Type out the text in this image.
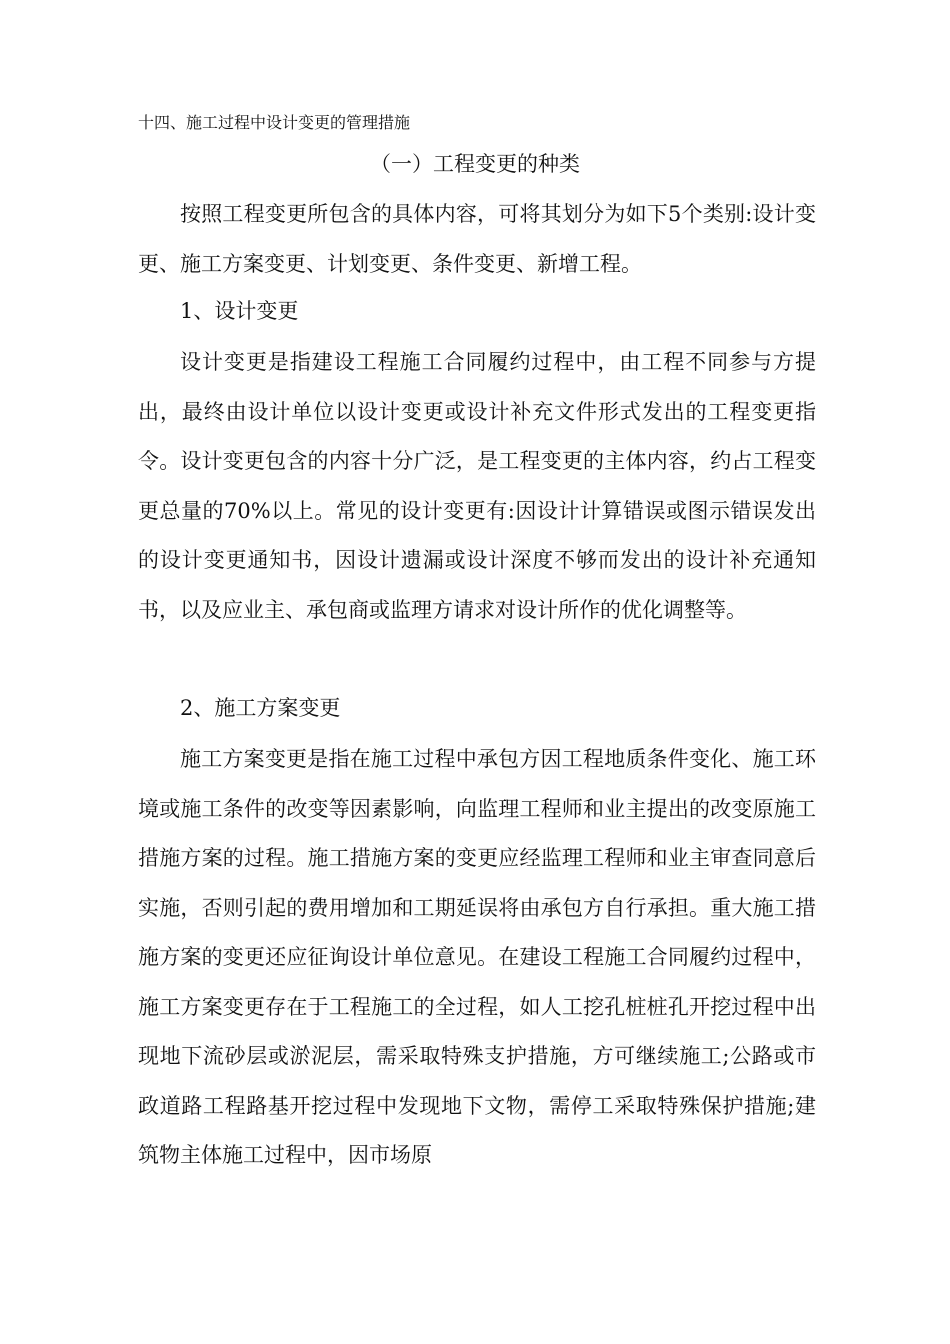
十四、施工过程中设计变更的管理措施
（一）工程变更的种类

按照工程变更所包含的具体内容，可将其划分为如下5个类别:设计变更、施工方案变更、计划变更、条件变更、新增工程。

1、设计变更

设计变更是指建设工程施工合同履约过程中，由工程不同参与方提出，最终由设计单位以设计变更或设计补充文件形式发出的工程变更指令。设计变更包含的内容十分广泛，是工程变更的主体内容，约占工程变更总量的70%以上。常见的设计变更有:因设计计算错误或图示错误发出的设计变更通知书，因设计遗漏或设计深度不够而发出的设计补充通知书，以及应业主、承包商或监理方请求对设计所作的优化调整等。

2、施工方案变更

施工方案变更是指在施工过程中承包方因工程地质条件变化、施工环境或施工条件的改变等因素影响，向监理工程师和业主提出的改变原施工措施方案的过程。施工措施方案的变更应经监理工程师和业主审查同意后实施，否则引起的费用增加和工期延误将由承包方自行承担。重大施工措施方案的变更还应征询设计单位意见。在建设工程施工合同履约过程中，施工方案变更存在于工程施工的全过程，如人工挖孔桩桩孔开挖过程中出现地下流砂层或淤泥层，需采取特殊支护措施，方可继续施工;公路或市政道路工程路基开挖过程中发现地下文物，需停工采取特殊保护措施;建筑物主体施工过程中，因市场原
